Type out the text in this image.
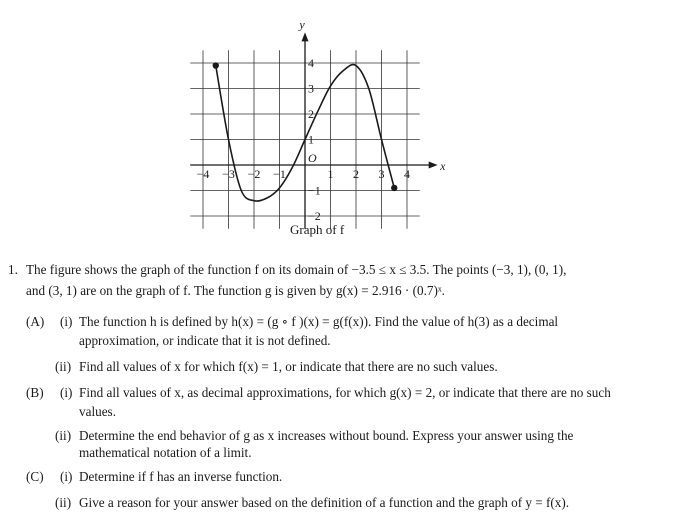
x
y
O
−4 −3 −2 −1	1 2 3 4
4
3
2
1
−1
−2
Graph of f
1. The figure shows the graph of the function f on its domain of −3.5 ≤ x ≤ 3.5. The points (−3, 1), (0, 1),
and (3, 1) are on the graph of f. The function g is given by g(x) = 2.916 · (0.7)ˣ.
(A) (i) The function h is defined by h(x) = (g ∘ f )(x) = g(f(x)). Find the value of h(3) as a decimal
approximation, or indicate that it is not defined.
(ii) Find all values of x for which f(x) = 1, or indicate that there are no such values.
(B) (i) Find all values of x, as decimal approximations, for which g(x) = 2, or indicate that there are no such
values.
(ii) Determine the end behavior of g as x increases without bound. Express your answer using the
mathematical notation of a limit.
(C) (i) Determine if f has an inverse function.
(ii) Give a reason for your answer based on the definition of a function and the graph of y = f(x).
